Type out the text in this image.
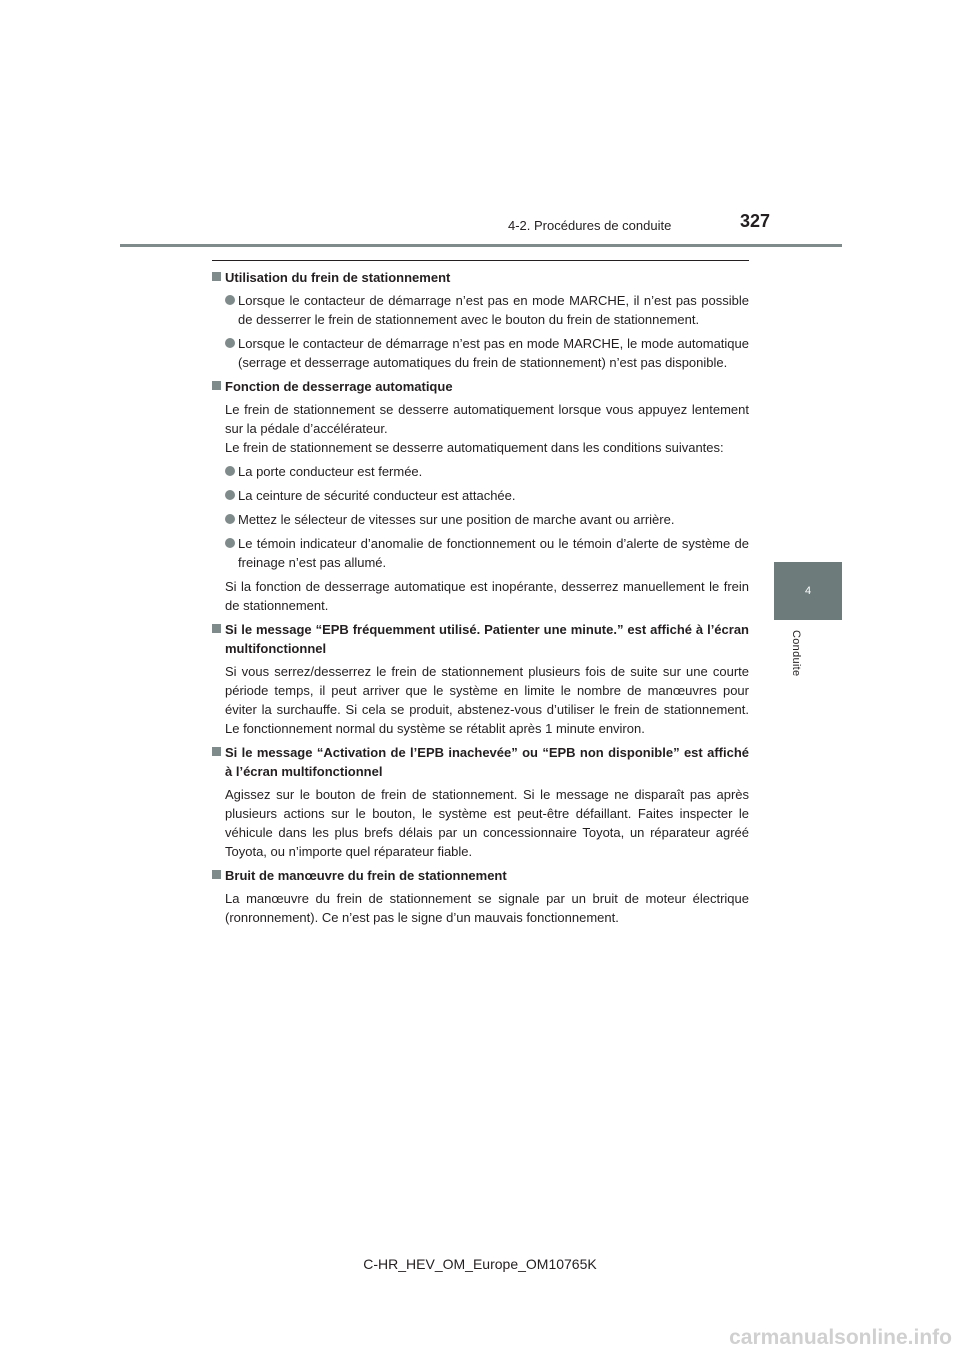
4-2. Procédures de conduite	327
4
Conduite
Utilisation du frein de stationnement
Lorsque le contacteur de démarrage n’est pas en mode MARCHE, il n’est pas possible de desserrer le frein de stationnement avec le bouton du frein de stationnement.
Lorsque le contacteur de démarrage n’est pas en mode MARCHE, le mode automatique (serrage et desserrage automatiques du frein de stationnement) n’est pas disponible.
Fonction de desserrage automatique
Le frein de stationnement se desserre automatiquement lorsque vous appuyez lentement sur la pédale d’accélérateur.
Le frein de stationnement se desserre automatiquement dans les conditions suivantes:
La porte conducteur est fermée.
La ceinture de sécurité conducteur est attachée.
Mettez le sélecteur de vitesses sur une position de marche avant ou arrière.
Le témoin indicateur d’anomalie de fonctionnement ou le témoin d’alerte de système de freinage n’est pas allumé.
Si la fonction de desserrage automatique est inopérante, desserrez manuellement le frein de stationnement.
Si le message “EPB fréquemment utilisé. Patienter une minute.” est affiché à l’écran multifonctionnel
Si vous serrez/desserrez le frein de stationnement plusieurs fois de suite sur une courte période temps, il peut arriver que le système en limite le nombre de manœuvres pour éviter la surchauffe. Si cela se produit, abstenez-vous d’utiliser le frein de stationnement. Le fonctionnement normal du système se rétablit après 1 minute environ.
Si le message “Activation de l’EPB inachevée” ou “EPB non disponible” est affiché à l’écran multifonctionnel
Agissez sur le bouton de frein de stationnement. Si le message ne disparaît pas après plusieurs actions sur le bouton, le système est peut-être défaillant. Faites inspecter le véhicule dans les plus brefs délais par un concessionnaire Toyota, un réparateur agréé Toyota, ou n’importe quel réparateur fiable.
Bruit de manœuvre du frein de stationnement
La manœuvre du frein de stationnement se signale par un bruit de moteur électrique (ronronnement). Ce n’est pas le signe d’un mauvais fonctionnement.
C-HR_HEV_OM_Europe_OM10765K
carmanualsonline.info
